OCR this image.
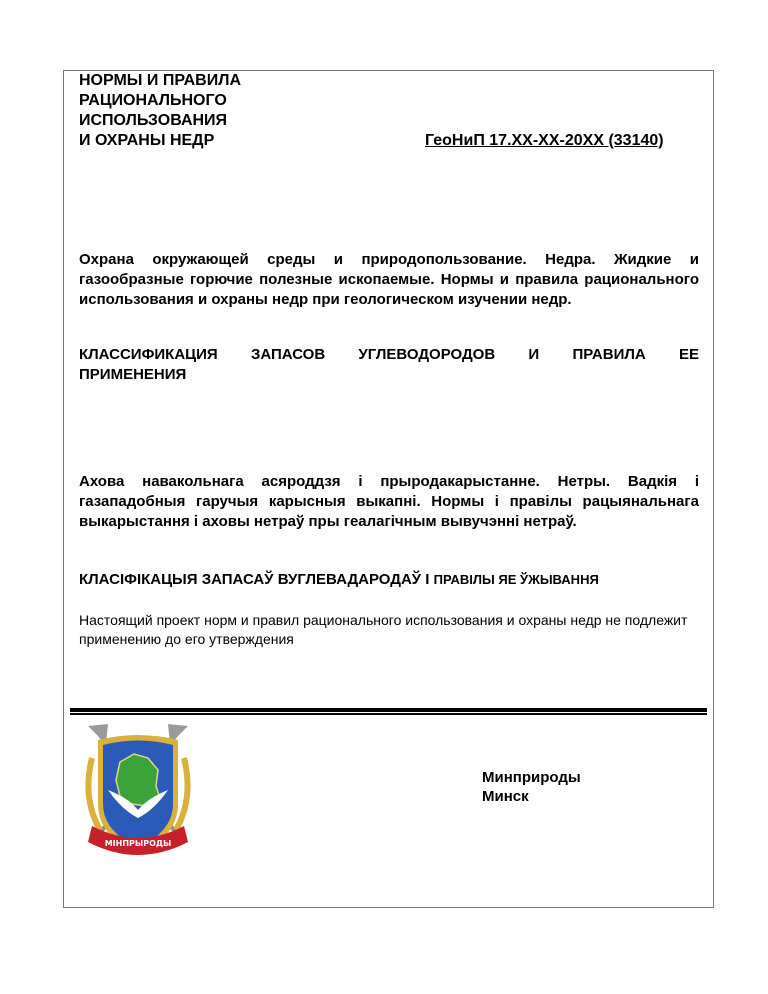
НОРМЫ И ПРАВИЛА
РАЦИОНАЛЬНОГО
ИСПОЛЬЗОВАНИЯ
И ОХРАНЫ НЕДР	ГеоНиП 17.ХХ-ХХ-20ХХ (33140)
Охрана окружающей среды и природопользование. Недра. Жидкие и газообразные горючие полезные ископаемые. Нормы и правила рационального использования и охраны недр при геологическом изучении недр.
КЛАССИФИКАЦИЯ ЗАПАСОВ УГЛЕВОДОРОДОВ И ПРАВИЛА ЕЕ
ПРИМЕНЕНИЯ
Ахова навакольнага асяроддзя і прыродакарыстанне. Нетры. Вадкія і газападобныя гаручыя карысныя выкапні. Нормы і правілы рацыянальнага выкарыстання і аховы нетраў пры геалагічным вывучэнні нетраў.
КЛАСІФІКАЦЫЯ ЗАПАСАЎ ВУГЛЕВАДАРОДАЎ І ПРАВІЛЫ ЯЕ ЎЖЫВАННЯ
Настоящий проект норм и правил рационального использования и охраны недр не подлежит применению до его утверждения
МІНПРЫРОДЫ
Минприроды
Минск
